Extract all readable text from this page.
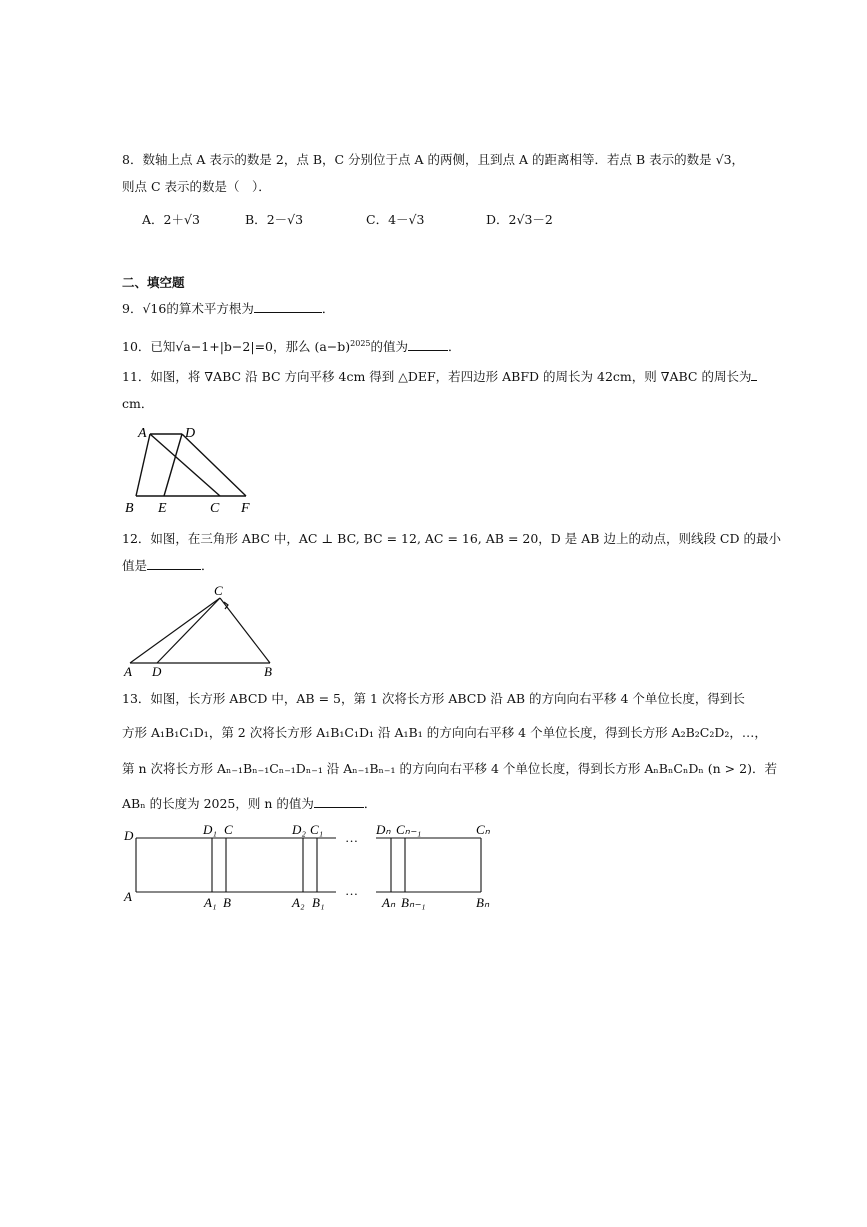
8．数轴上点 A 表示的数是 2，点 B，C 分别位于点 A 的两侧，且到点 A 的距离相等．若点 B 表示的数是 √3，
则点 C 表示的数是（　）．
A．2＋√3	B．2－√3	C．4－√3	D．2√3－2
二、填空题
9．√16的算术平方根为	．
10．已知√a−1+|b−2|=0，那么 $(a-b)^{2025}$的值为	．
11．如图，将 ∇ABC 沿 BC 方向平移 4cm 得到 △DEF，若四边形 ABFD 的周长为 42cm，则 ∇ABC 的周长为
cm．
A	D
B E	C F
12．如图，在三角形 ABC 中，AC ⊥ BC, BC = 12, AC = 16, AB = 20，D 是 AB 边上的动点，则线段 CD 的最小
值是	．
C
A D	B
13．如图，长方形 ABCD 中，AB = 5，第 1 次将长方形 ABCD 沿 AB 的方向向右平移 4 个单位长度，得到长
方形 A₁B₁C₁D₁，第 2 次将长方形 A₁B₁C₁D₁ 沿 A₁B₁ 的方向向右平移 4 个单位长度，得到长方形 A₂B₂C₂D₂，…，
第 n 次将长方形 Aₙ₋₁Bₙ₋₁Cₙ₋₁Dₙ₋₁ 沿 Aₙ₋₁Bₙ₋₁ 的方向向右平移 4 个单位长度，得到长方形 AₙBₙCₙDₙ (n > 2)．若
ABₙ 的长度为 2025，则 n 的值为	．
D	D₁ C	D₂ C₁
…
Dₙ Cₙ₋₁	Cₙ
A	A₁ B	A₂ B₁
…
Aₙ Bₙ₋₁	Bₙ
